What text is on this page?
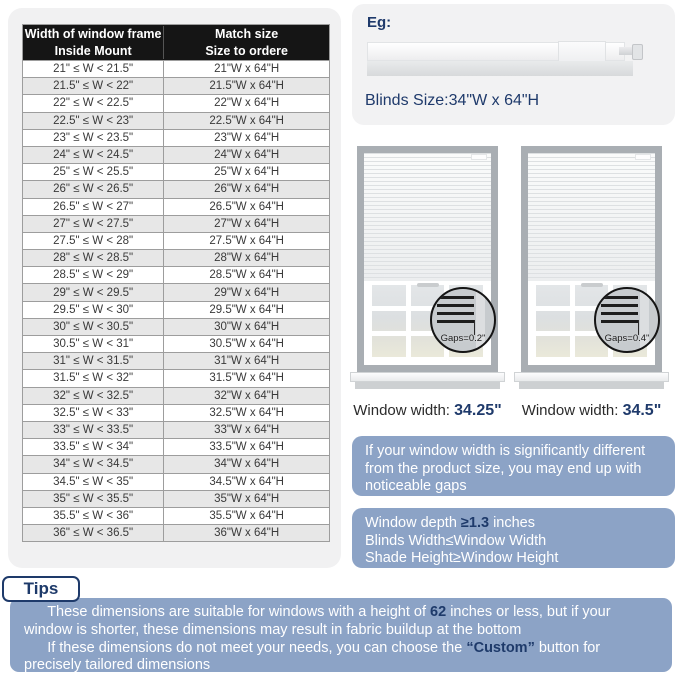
Width of window frame
Inside Mount
Match size
Size to ordere
21" ≤ W < 21.5"	21"W x 64"H
21.5" ≤ W < 22"	21.5"W x 64"H
22" ≤ W < 22.5"	22"W x 64"H
22.5" ≤ W < 23"	22.5"W x 64"H
23" ≤ W < 23.5"	23"W x 64"H
24" ≤ W < 24.5"	24"W x 64"H
25" ≤ W < 25.5"	25"W x 64"H
26" ≤ W < 26.5"	26"W x 64"H
26.5" ≤ W < 27"	26.5"W x 64"H
27" ≤ W < 27.5"	27"W x 64"H
27.5" ≤ W < 28"	27.5"W x 64"H
28" ≤ W < 28.5"	28"W x 64"H
28.5" ≤ W < 29"	28.5"W x 64"H
29" ≤ W < 29.5"	29"W x 64"H
29.5" ≤ W < 30"	29.5"W x 64"H
30" ≤ W < 30.5"	30"W x 64"H
30.5" ≤ W < 31"	30.5"W x 64"H
31" ≤ W < 31.5"	31"W x 64"H
31.5" ≤ W < 32"	31.5"W x 64"H
32" ≤ W < 32.5"	32"W x 64"H
32.5" ≤ W < 33"	32.5"W x 64"H
33" ≤ W < 33.5"	33"W x 64"H
33.5" ≤ W < 34"	33.5"W x 64"H
34" ≤ W < 34.5"	34"W x 64"H
34.5" ≤ W < 35"	34.5"W x 64"H
35" ≤ W < 35.5"	35"W x 64"H
35.5" ≤ W < 36"	35.5"W x 64"H
36" ≤ W < 36.5"	36"W x 64"H
Eg:
Blinds Size:34"W x 64"H
Gaps=0.2"
Window width: 34.25"
Gaps=0.4"
Window width: 34.5"
If your window width is significantly different from the product size, you may end up with noticeable gaps
Window depth ≥1.3 inches
Blinds Width≤Window Width
Shade Height≥Window Height
Tips

These dimensions are suitable for windows with a height of 62 inches or less, but if your window is shorter, these dimensions may result in fabric buildup at the bottom

If these dimensions do not meet your needs, you can choose the “Custom” button for precisely tailored dimensions
